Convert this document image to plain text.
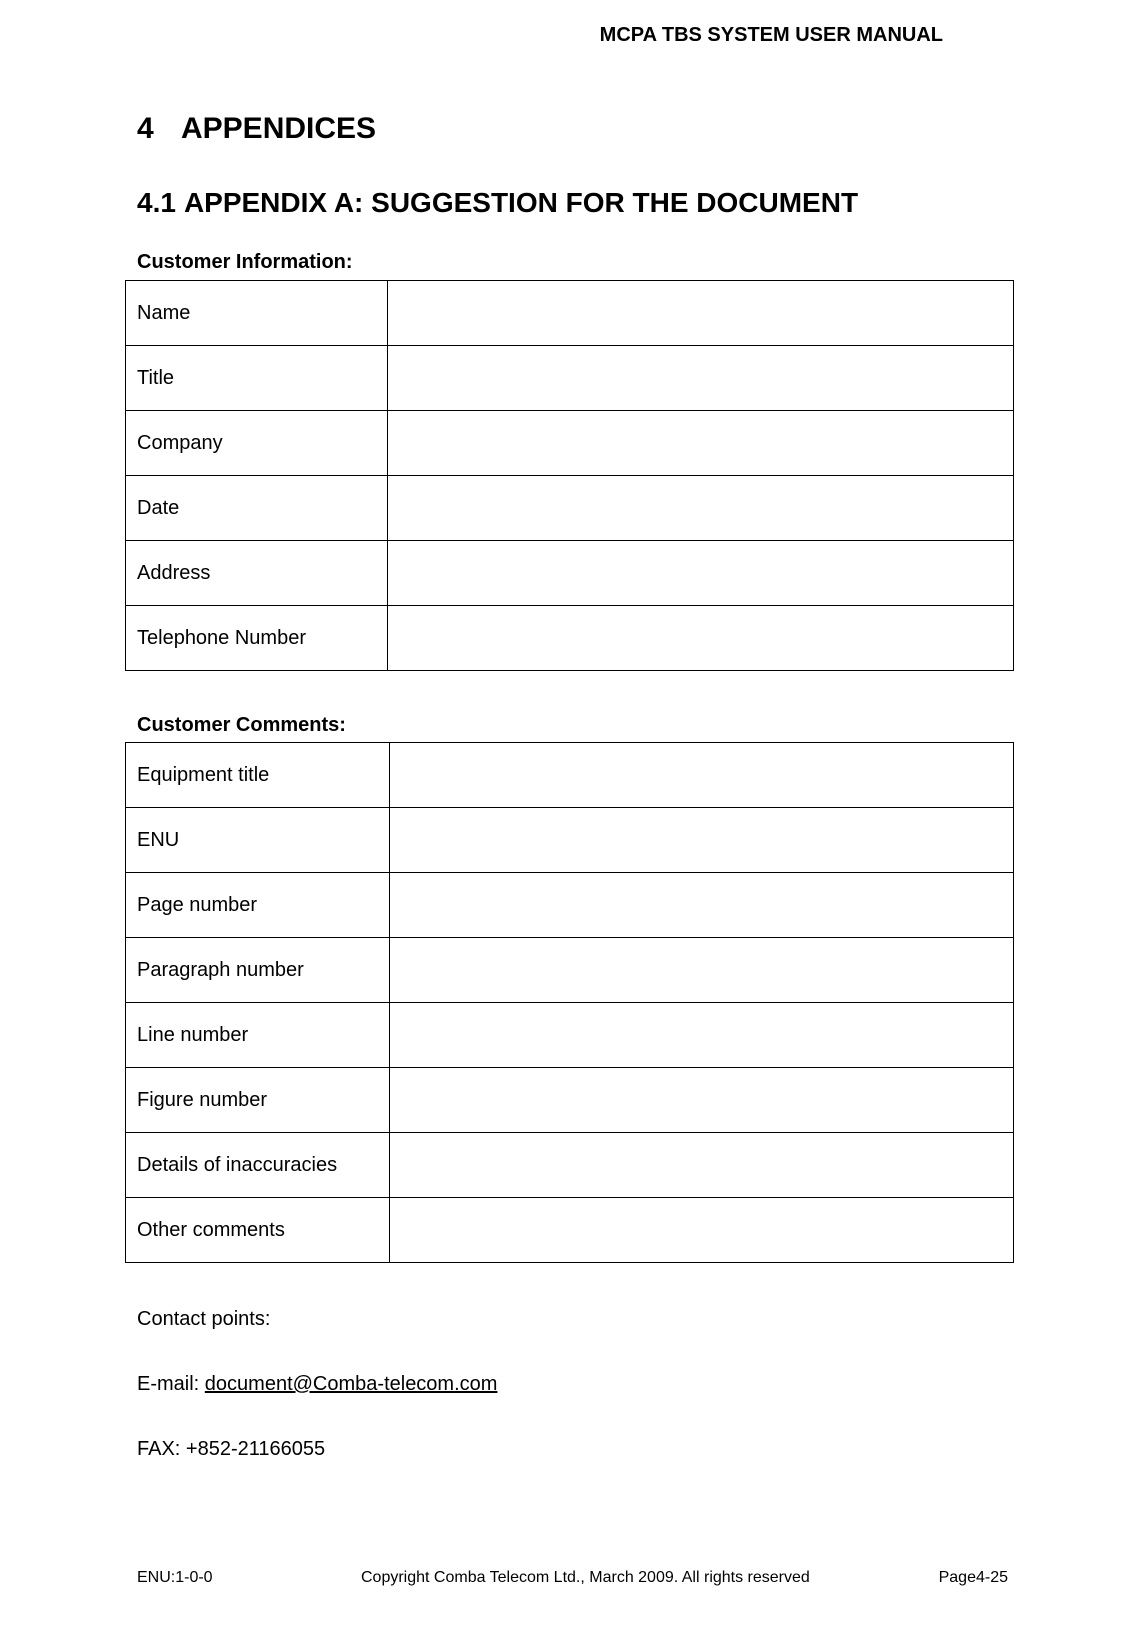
MCPA TBS SYSTEM USER MANUAL
4 APPENDICES
4.1 APPENDIX A: SUGGESTION FOR THE DOCUMENT
Customer Information:
Name	
Title	
Company	
Date	
Address	
Telephone Number	
Customer Comments:
Equipment title	
ENU	
Page number	
Paragraph number	
Line number	
Figure number	
Details of inaccuracies	
Other comments	
Contact points:
E-mail: document@Comba-telecom.com
FAX: +852-21166055
ENU:1-0-0	Copyright Comba Telecom Ltd., March 2009. All rights reserved	Page4-25
